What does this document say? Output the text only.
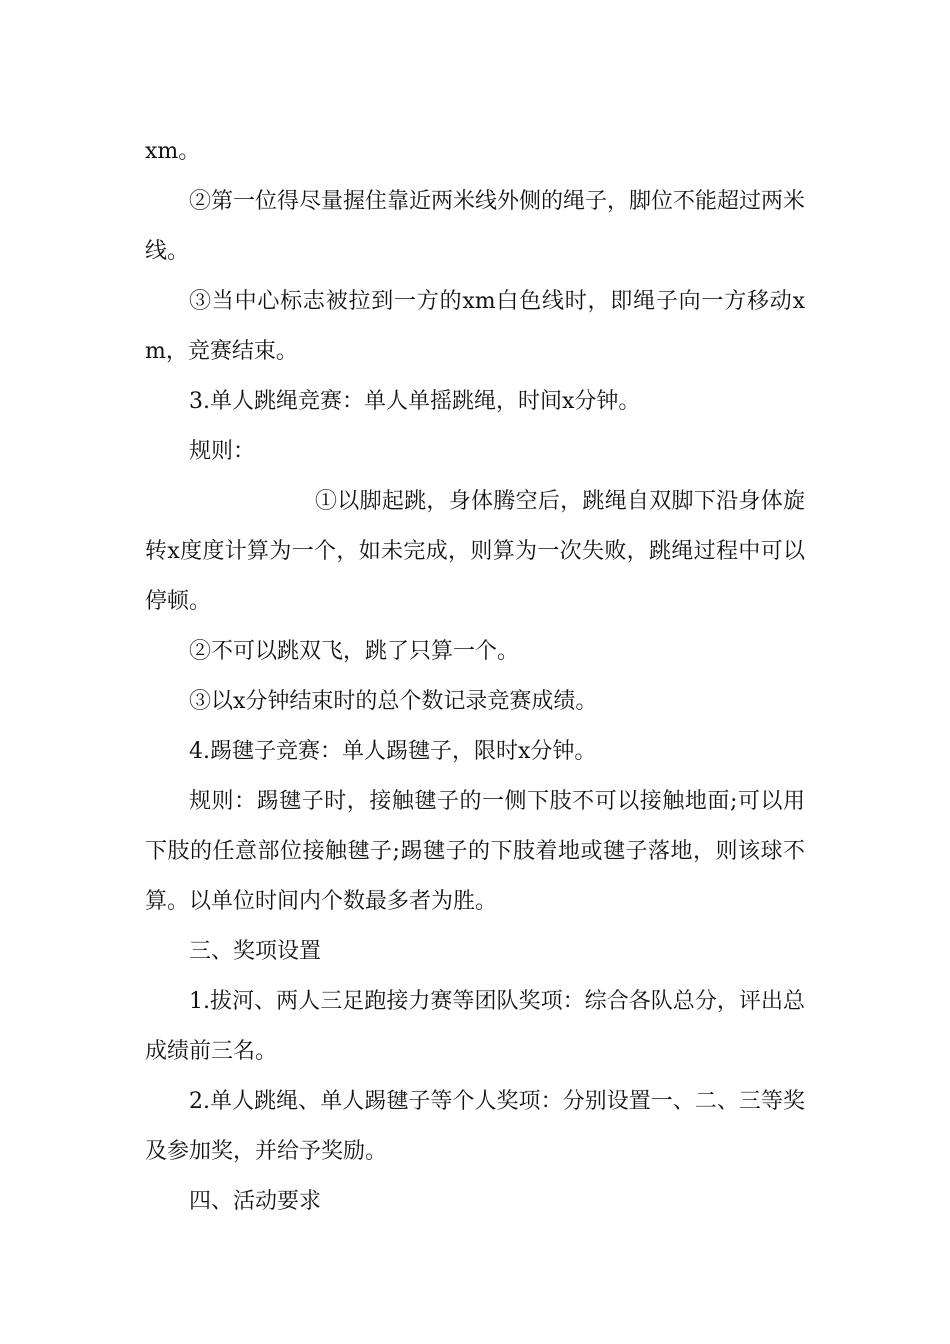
xm。

②第一位得尽量握住靠近两米线外侧的绳子，脚位不能超过两米线。

③当中心标志被拉到一方的xm白色线时，即绳子向一方移动xm，竞赛结束。

3.单人跳绳竞赛：单人单摇跳绳，时间x分钟。

规则：

①以脚起跳，身体腾空后，跳绳自双脚下沿身体旋转x度度计算为一个，如未完成，则算为一次失败，跳绳过程中可以停顿。

②不可以跳双飞，跳了只算一个。

③以x分钟结束时的总个数记录竞赛成绩。

4.踢毽子竞赛：单人踢毽子，限时x分钟。

规则：踢毽子时，接触毽子的一侧下肢不可以接触地面;可以用下肢的任意部位接触毽子;踢毽子的下肢着地或毽子落地，则该球不算。以单位时间内个数最多者为胜。

三、奖项设置

1.拔河、两人三足跑接力赛等团队奖项：综合各队总分，评出总成绩前三名。

2.单人跳绳、单人踢毽子等个人奖项：分别设置一、二、三等奖及参加奖，并给予奖励。

四、活动要求
